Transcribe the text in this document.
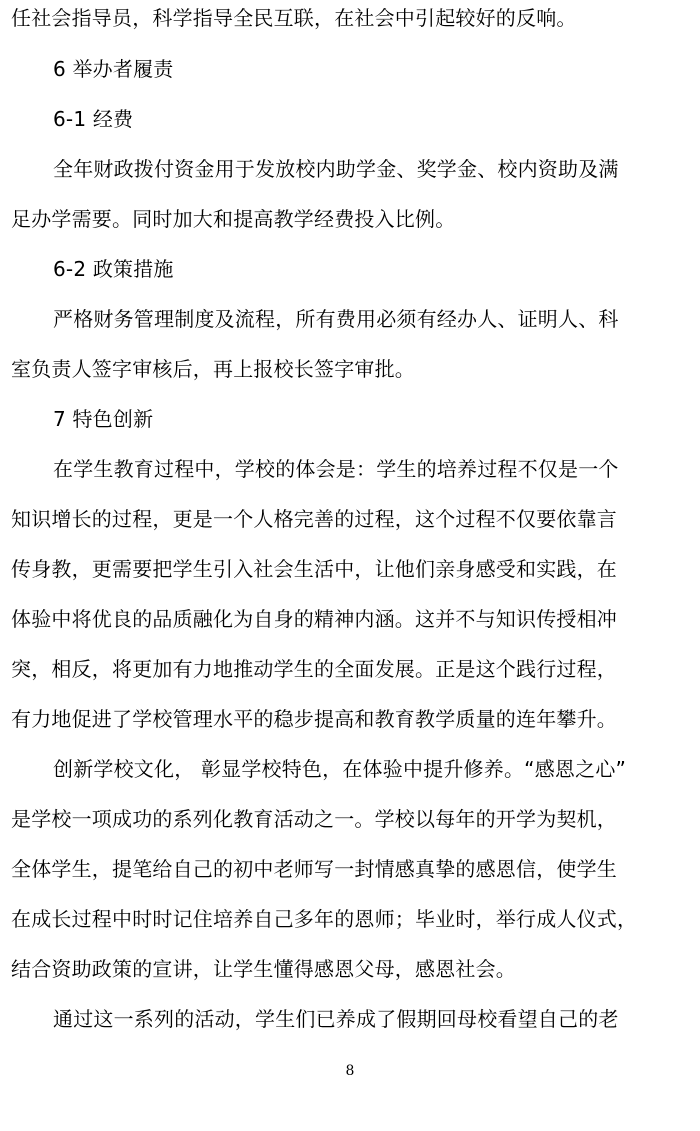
任社会指导员，科学指导全民互联，在社会中引起较好的反响。
6 举办者履责
6-1 经费
全年财政拨付资金用于发放校内助学金、奖学金、校内资助及满
足办学需要。同时加大和提高教学经费投入比例。
6-2 政策措施
严格财务管理制度及流程，所有费用必须有经办人、证明人、科
室负责人签字审核后，再上报校长签字审批。
7 特色创新
在学生教育过程中，学校的体会是：学生的培养过程不仅是一个
知识增长的过程，更是一个人格完善的过程，这个过程不仅要依靠言
传身教，更需要把学生引入社会生活中，让他们亲身感受和实践，在
体验中将优良的品质融化为自身的精神内涵。这并不与知识传授相冲
突，相反，将更加有力地推动学生的全面发展。正是这个践行过程，
有力地促进了学校管理水平的稳步提高和教育教学质量的连年攀升。
创新学校文化， 彰显学校特色，在体验中提升修养。“感恩之心”
是学校一项成功的系列化教育活动之一。学校以每年的开学为契机，
全体学生，提笔给自己的初中老师写一封情感真挚的感恩信，使学生
在成长过程中时时记住培养自己多年的恩师；毕业时，举行成人仪式，
结合资助政策的宣讲，让学生懂得感恩父母，感恩社会。
通过这一系列的活动，学生们已养成了假期回母校看望自己的老
8
